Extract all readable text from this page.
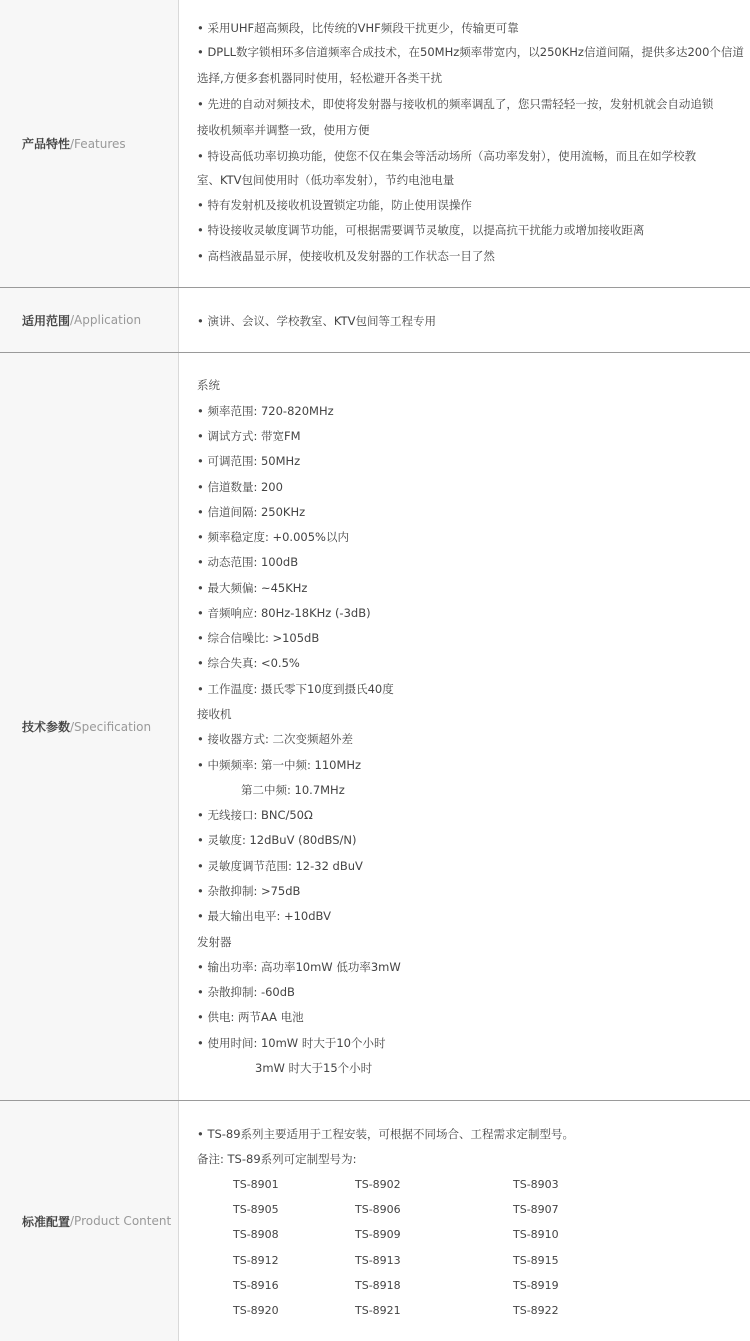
产品特性 /Features
• 采用UHF超高频段，比传统的VHF频段干扰更少，传输更可靠
• DPLL数字锁相环多信道频率合成技术，在50MHz频率带宽内，以250KHz信道间隔，提供多达200个信道
选择,方便多套机器同时使用，轻松避开各类干扰
• 先进的自动对频技术，即使将发射器与接收机的频率调乱了，您只需轻轻一按，发射机就会自动追锁
接收机频率并调整一致，使用方便
• 特设高低功率切换功能，使您不仅在集会等活动场所（高功率发射），使用流畅，而且在如学校教
室、KTV包间使用时（低功率发射），节约电池电量
• 特有发射机及接收机设置锁定功能，防止使用误操作
• 特设接收灵敏度调节功能，可根据需要调节灵敏度，以提高抗干扰能力或增加接收距离
• 高档液晶显示屏，使接收机及发射器的工作状态一目了然
适用范围 /Application	• 演讲、会议、学校教室、KTV包间等工程专用
技术参数 /Specification
系统
• 频率范围: 720-820MHz
• 调试方式: 带宽FM
• 可调范围: 50MHz
• 信道数量: 200
• 信道间隔: 250KHz
• 频率稳定度: +0.005%以内
• 动态范围: 100dB
• 最大频偏: ~45KHz
• 音频响应: 80Hz-18KHz (-3dB)
• 综合信噪比: >105dB
• 综合失真: <0.5%
• 工作温度: 摄氏零下10度到摄氏40度
接收机
• 接收器方式: 二次变频超外差
• 中频频率: 第一中频: 110MHz
第二中频: 10.7MHz
• 无线接口: BNC/50Ω
• 灵敏度: 12dBuV (80dBS/N)
• 灵敏度调节范围: 12-32 dBuV
• 杂散抑制: >75dB
• 最大输出电平: +10dBV
发射器
• 输出功率: 高功率10mW 低功率3mW
• 杂散抑制: -60dB
• 供电: 两节AA 电池
• 使用时间: 10mW 时大于10个小时
3mW 时大于15个小时
标准配置 /Product Content
• TS-89系列主要适用于工程安装，可根据不同场合、工程需求定制型号。
备注: TS-89系列可定制型号为:
TS-8901	TS-8902	TS-8903
TS-8905	TS-8906	TS-8907
TS-8908	TS-8909	TS-8910
TS-8912	TS-8913	TS-8915
TS-8916	TS-8918	TS-8919
TS-8920	TS-8921	TS-8922
